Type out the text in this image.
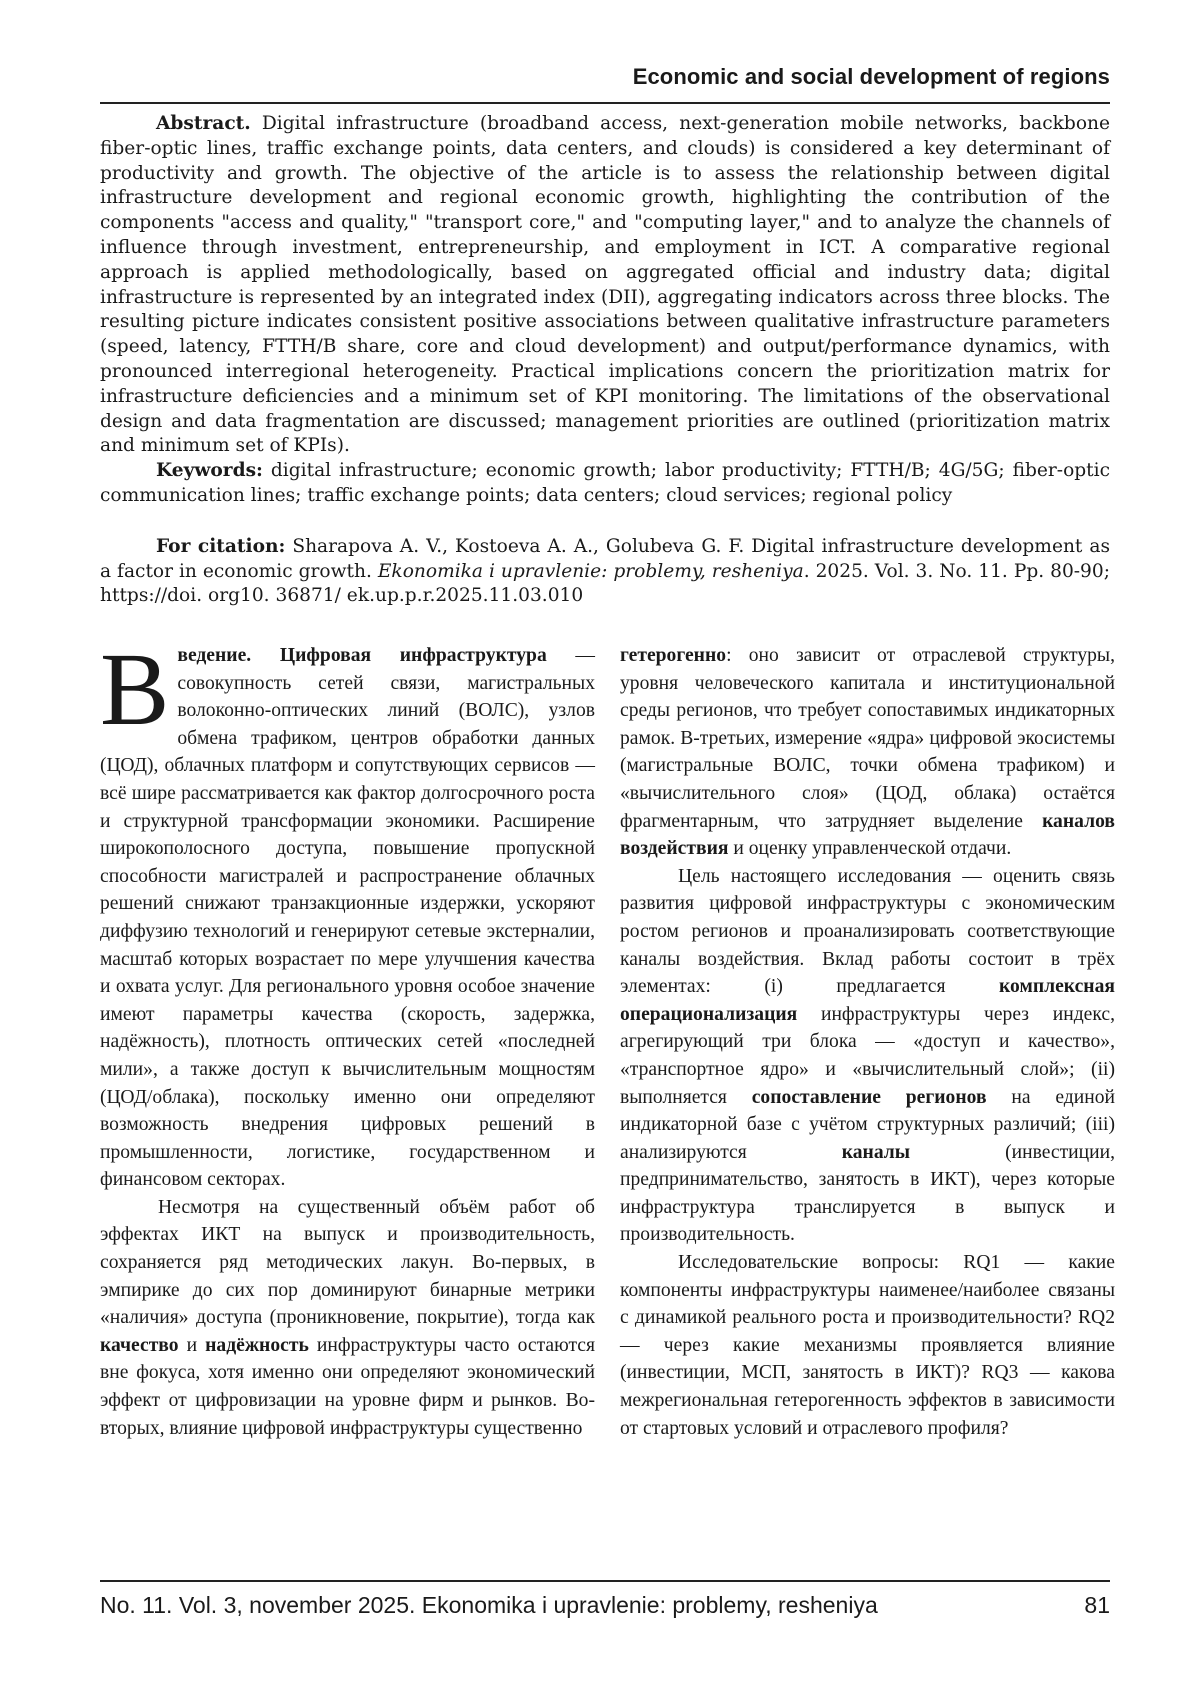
Economic and social development of regions

Abstract. Digital infrastructure (broadband access, next-generation mobile networks, backbone fiber-optic lines, traffic exchange points, data centers, and clouds) is considered a key determinant of productivity and growth. The objective of the article is to assess the relationship between digital infrastructure development and regional economic growth, highlighting the contribution of the components "access and quality," "transport core," and "computing layer," and to analyze the channels of influence through investment, entrepreneurship, and employment in ICT. A comparative regional approach is applied methodologically, based on aggregated official and industry data; digital infrastructure is represented by an integrated index (DII), aggregating indicators across three blocks. The resulting picture indicates consistent positive associations between qualitative infrastructure parameters (speed, latency, FTTH/B share, core and cloud development) and output/performance dynamics, with pronounced interregional heterogeneity. Practical implications concern the prioritization matrix for infrastructure deficiencies and a minimum set of KPI monitoring. The limitations of the observational design and data fragmentation are discussed; management priorities are outlined (prioritization matrix and minimum set of KPIs).

Keywords: digital infrastructure; economic growth; labor productivity; FTTH/B; 4G/5G; fiber-optic communication lines; traffic exchange points; data centers; cloud services; regional policy

For citation: Sharapova A. V., Kostoeva A. A., Golubeva G. F. Digital infrastructure development as a factor in economic growth. Ekonomika i upravlenie: problemy, resheniya. 2025. Vol. 3. No. 11. Pp. 80-90; https://doi. org10. 36871/ ek.up.p.r.2025.11.03.010

Введение. Цифровая инфраструктура — совокупность сетей связи, магистральных волоконно-оптических линий (ВОЛС), узлов обмена трафиком, центров обработки данных (ЦОД), облачных платформ и сопутствующих сервисов — всё шире рассматривается как фактор долгосрочного роста и структурной трансформации экономики. Расширение широкополосного доступа, повышение пропускной способности магистралей и распространение облачных решений снижают транзакционные издержки, ускоряют диффузию технологий и генерируют сетевые экстерналии, масштаб которых возрастает по мере улучшения качества и охвата услуг. Для регионального уровня особое значение имеют параметры качества (скорость, задержка, надёжность), плотность оптических сетей «последней мили», а также доступ к вычислительным мощностям (ЦОД/облака), поскольку именно они определяют возможность внедрения цифровых решений в промышленности, логистике, государственном и финансовом секторах.

Несмотря на существенный объём работ об эффектах ИКТ на выпуск и производительность, сохраняется ряд методических лакун. Во-первых, в эмпирике до сих пор доминируют бинарные метрики «наличия» доступа (проникновение, покрытие), тогда как качество и надёжность инфраструктуры часто остаются вне фокуса, хотя именно они определяют экономический эффект от цифровизации на уровне фирм и рынков. Во-вторых, влияние цифровой инфраструктуры существенно

гетерогенно: оно зависит от отраслевой структуры, уровня человеческого капитала и институциональной среды регионов, что требует сопоставимых индикаторных рамок. В-третьих, измерение «ядра» цифровой экосистемы (магистральные ВОЛС, точки обмена трафиком) и «вычислительного слоя» (ЦОД, облака) остаётся фрагментарным, что затрудняет выделение каналов воздействия и оценку управленческой отдачи.

Цель настоящего исследования — оценить связь развития цифровой инфраструктуры с экономическим ростом регионов и проанализировать соответствующие каналы воздействия. Вклад работы состоит в трёх элементах: (i) предлагается комплексная операционализация инфраструктуры через индекс, агрегирующий три блока — «доступ и качество», «транспортное ядро» и «вычислительный слой»; (ii) выполняется сопоставление регионов на единой индикаторной базе с учётом структурных различий; (iii) анализируются каналы (инвестиции, предпринимательство, занятость в ИКТ), через которые инфраструктура транслируется в выпуск и производительность.

Исследовательские вопросы: RQ1 — какие компоненты инфраструктуры наименее/наиболее связаны с динамикой реального роста и производительности? RQ2 — через какие механизмы проявляется влияние (инвестиции, МСП, занятость в ИКТ)? RQ3 — какова межрегиональная гетерогенность эффектов в зависимости от стартовых условий и отраслевого профиля?

No. 11. Vol. 3, november 2025. Ekonomika i upravlenie: problemy, resheniya	81
